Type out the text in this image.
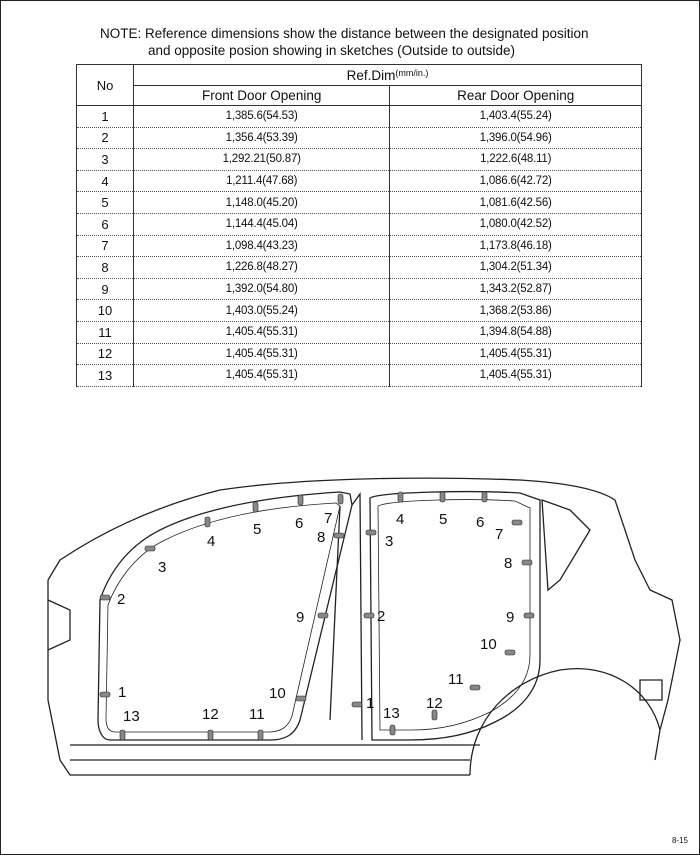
NOTE: Reference dimensions show the distance between the designated position
and opposite posion showing in sketches (Outside to outside)
No	Ref.Dim$^{(mm/in.)}$
	Front Door Opening	Rear Door Opening
1	1,385.6(54.53)	1,403.4(55.24)
2	1,356.4(53.39)	1,396.0(54.96)
3	1,292.21(50.87)	1,222.6(48.11)
4	1,211.4(47.68)	1,086.6(42.72)
5	1,148.0(45.20)	1,081.6(42.56)
6	1,144.4(45.04)	1,080.0(42.52)
7	1,098.4(43.23)	1,173.8(46.18)
8	1,226.8(48.27)	1,304.2(51.34)
9	1,392.0(54.80)	1,343.2(52.87)
10	1,403.0(55.24)	1,368.2(53.86)
11	1,405.4(55.31)	1,394.8(54.88)
12	1,405.4(55.31)	1,405.4(55.31)
13	1,405.4(55.31)	1,405.4(55.31)
1
2
3
4
5 6 7
8
9
10
11
12
13
1
2
3
4 5 6
7
8
9
10
11
12
13
8-15
